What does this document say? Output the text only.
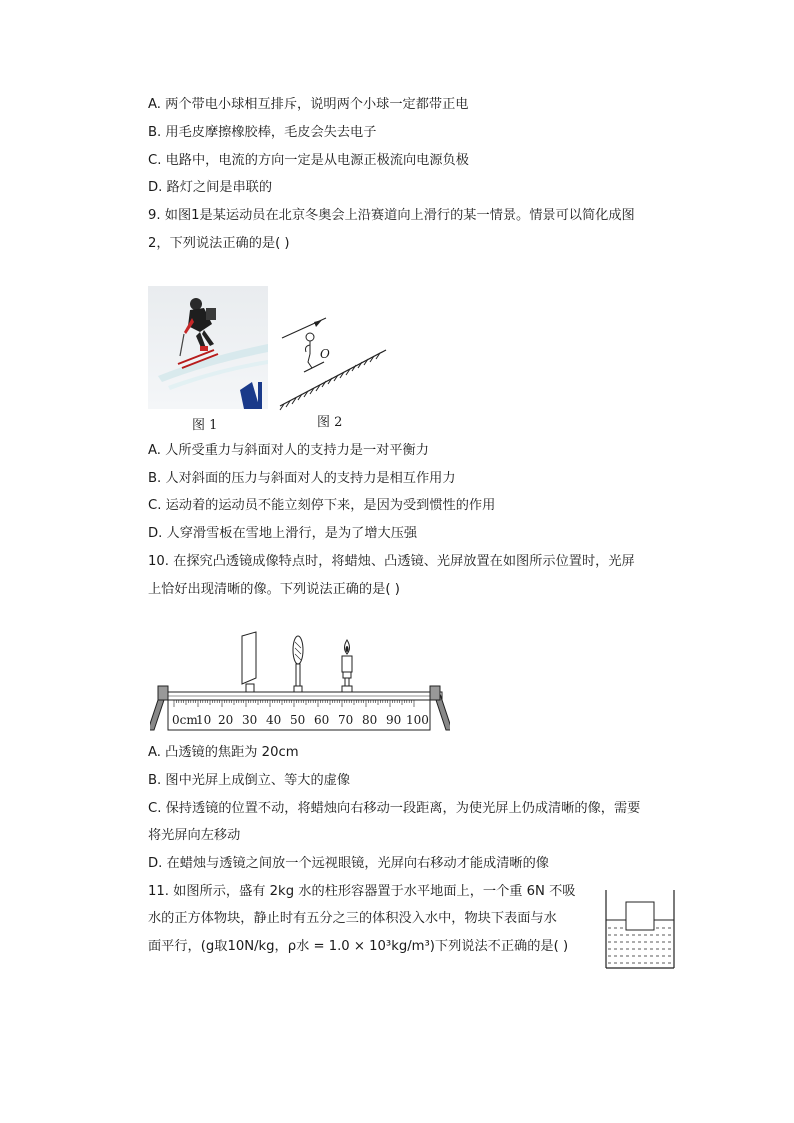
A. 两个带电小球相互排斥，说明两个小球一定都带正电
B. 用毛皮摩擦橡胶棒，毛皮会失去电子
C. 电路中，电流的方向一定是从电源正极流向电源负极
D. 路灯之间是串联的
9. 如图1是某运动员在北京冬奥会上沿赛道向上滑行的某一情景。情景可以简化成图
2，下列说法正确的是( )
图 1
O
图 2
A. 人所受重力与斜面对人的支持力是一对平衡力
B. 人对斜面的压力与斜面对人的支持力是相互作用力
C. 运动着的运动员不能立刻停下来，是因为受到惯性的作用
D. 人穿滑雪板在雪地上滑行，是为了增大压强
10. 在探究凸透镜成像特点时，将蜡烛、凸透镜、光屏放置在如图所示位置时，光屏
上恰好出现清晰的像。下列说法正确的是( )
0cm
10 20 30 40 50 60 70 80 90 100
A. 凸透镜的焦距为 20cm
B. 图中光屏上成倒立、等大的虚像
C. 保持透镜的位置不动，将蜡烛向右移动一段距离，为使光屏上仍成清晰的像，需要
将光屏向左移动
D. 在蜡烛与透镜之间放一个远视眼镜，光屏向右移动才能成清晰的像
11. 如图所示，盛有 2kg 水的柱形容器置于水平地面上，一个重 6N 不吸
水的正方体物块，静止时有五分之三的体积没入水中，物块下表面与水
面平行，(g取10N/kg，ρ水 = 1.0 × 10³kg/m³)下列说法不正确的是( )
